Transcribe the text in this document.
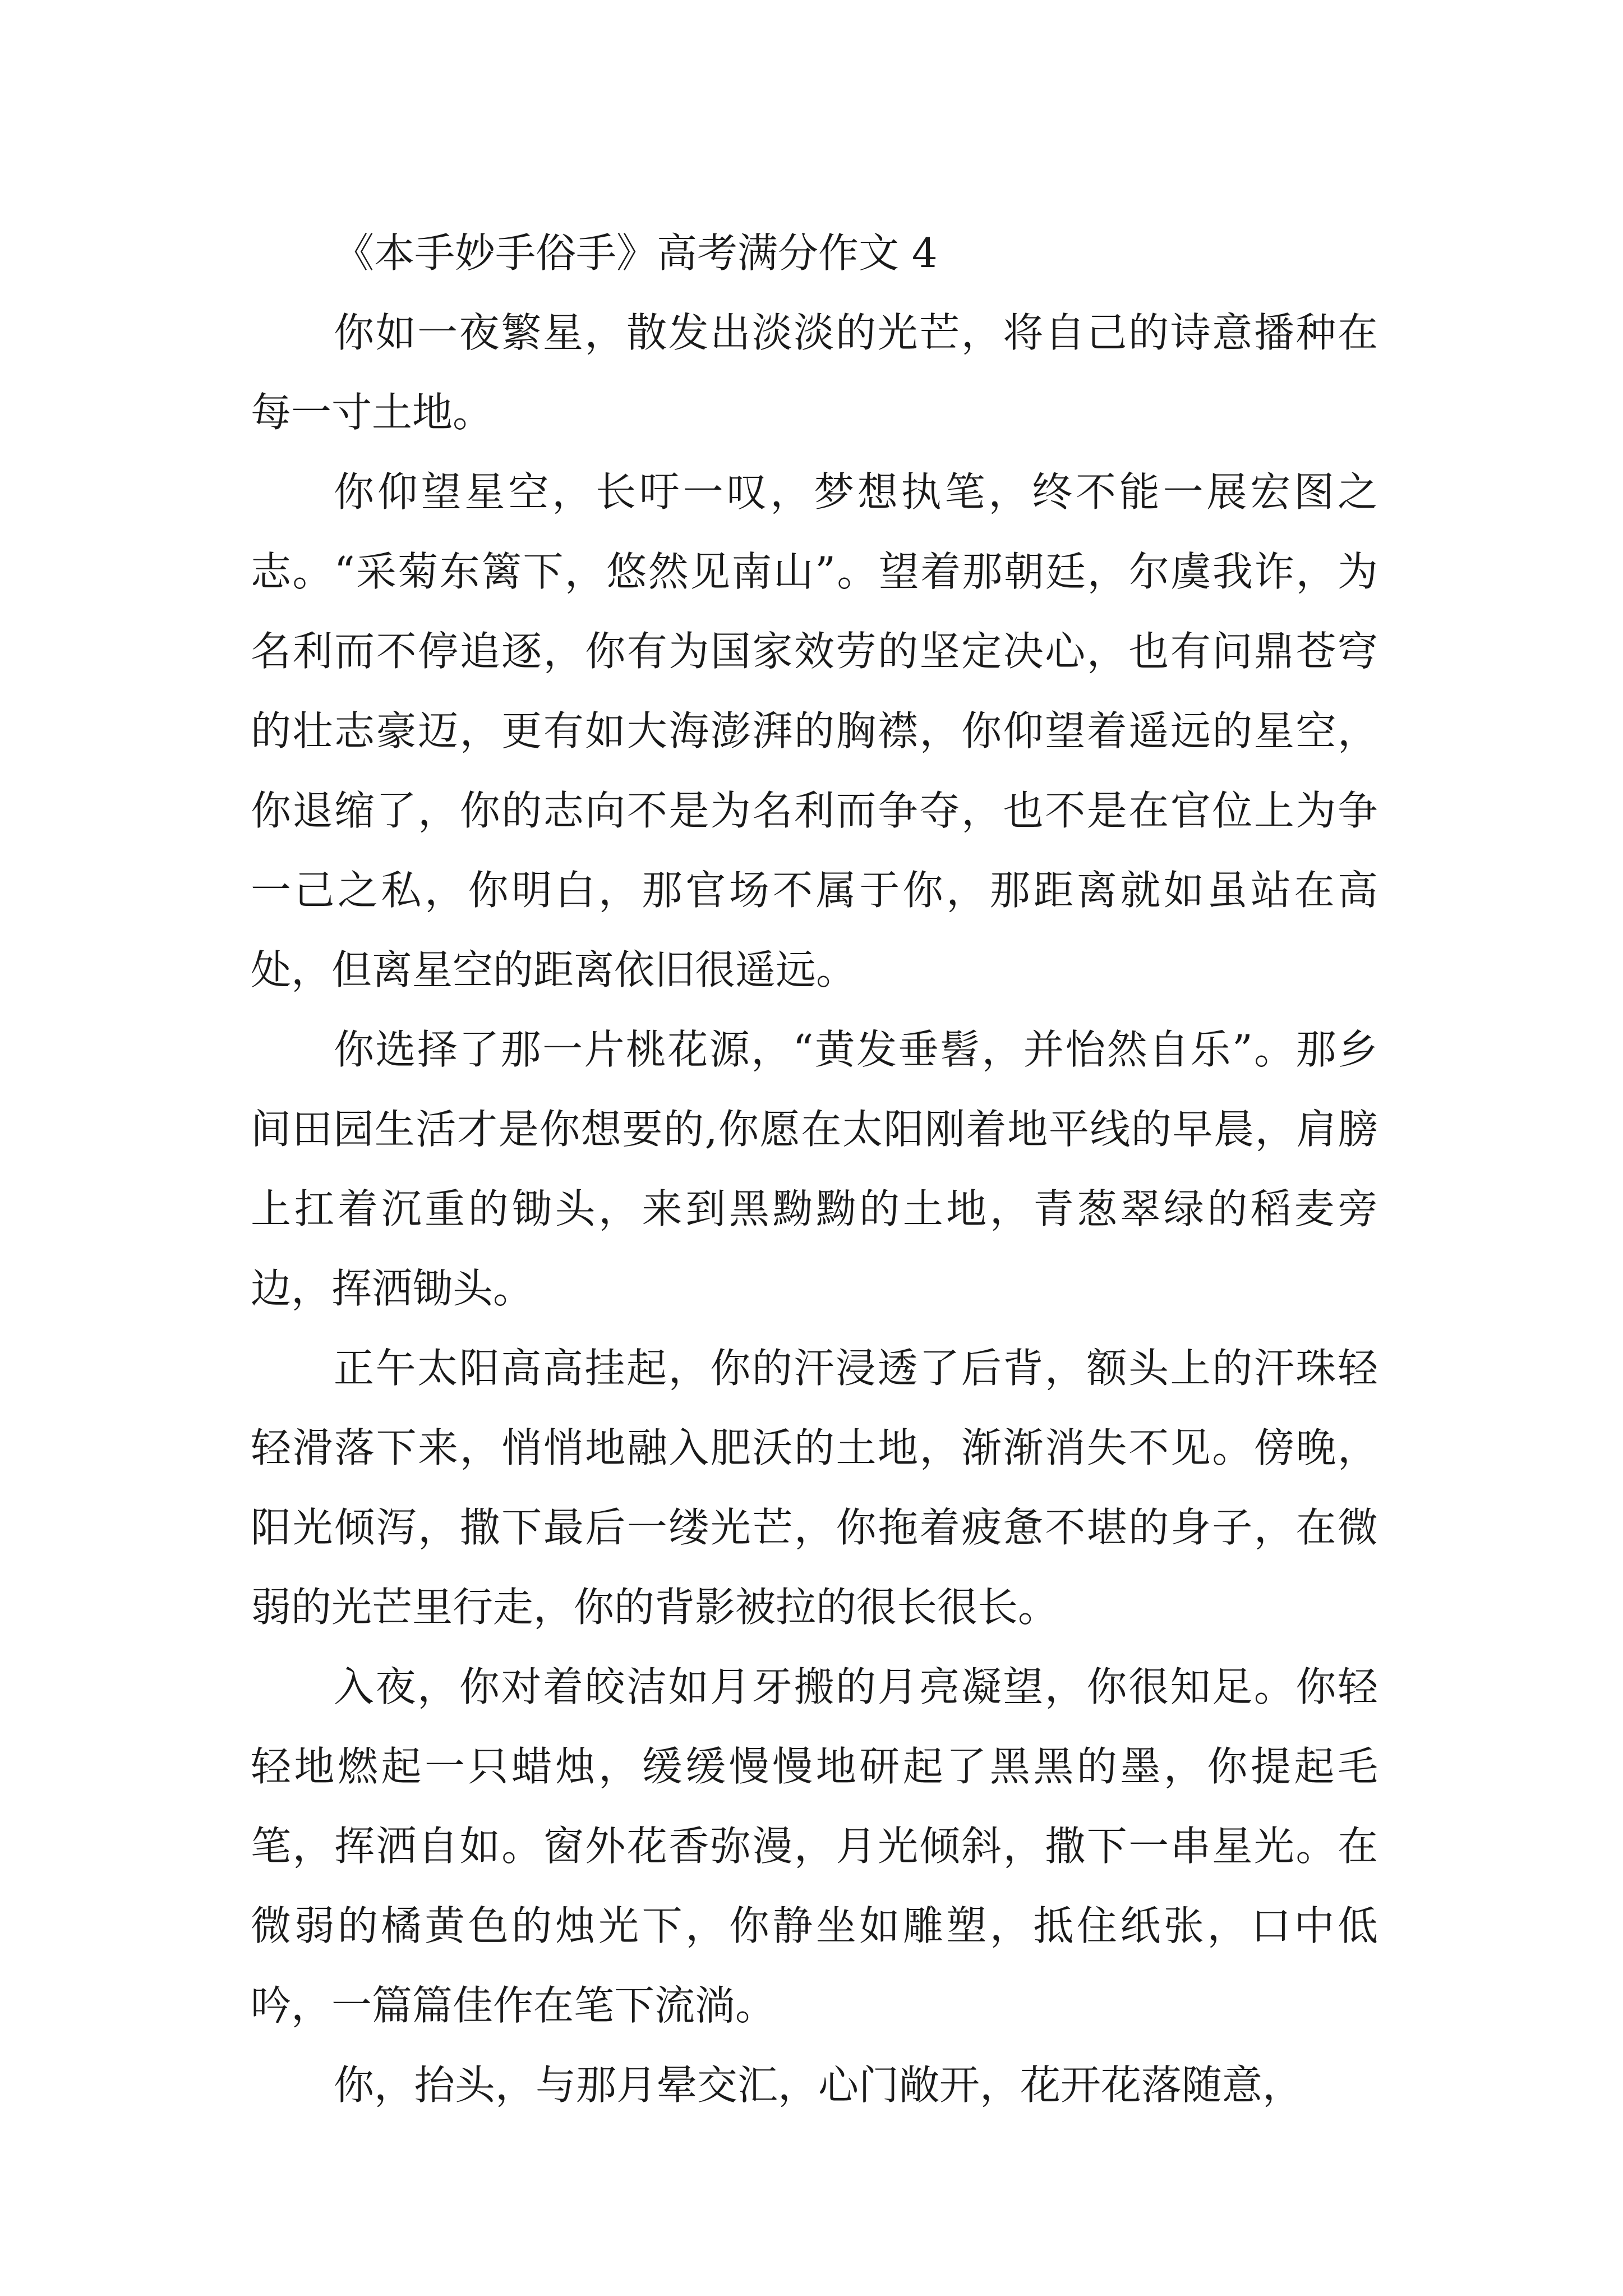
《本手妙手俗手》高考满分作文 4

你如一夜繁星，散发出淡淡的光芒，将自己的诗意播种在每一寸土地。

你仰望星空，长吁一叹，梦想执笔，终不能一展宏图之志。“采菊东篱下，悠然见南山”。望着那朝廷，尔虞我诈，为名利而不停追逐，你有为国家效劳的坚定决心，也有问鼎苍穹的壮志豪迈，更有如大海澎湃的胸襟，你仰望着遥远的星空，你退缩了，你的志向不是为名利而争夺，也不是在官位上为争一己之私，你明白，那官场不属于你，那距离就如虽站在高处，但离星空的距离依旧很遥远。

你选择了那一片桃花源，“黄发垂髫，并怡然自乐”。那乡间田园生活才是你想要的,你愿在太阳刚着地平线的早晨，肩膀上扛着沉重的锄头，来到黑黝黝的土地，青葱翠绿的稻麦旁边，挥洒锄头。

正午太阳高高挂起，你的汗浸透了后背，额头上的汗珠轻轻滑落下来，悄悄地融入肥沃的土地，渐渐消失不见。傍晚，阳光倾泻，撒下最后一缕光芒，你拖着疲惫不堪的身子，在微弱的光芒里行走，你的背影被拉的很长很长。

入夜，你对着皎洁如月牙搬的月亮凝望，你很知足。你轻轻地燃起一只蜡烛，缓缓慢慢地研起了黑黑的墨，你提起毛笔，挥洒自如。窗外花香弥漫，月光倾斜，撒下一串星光。在微弱的橘黄色的烛光下，你静坐如雕塑，抵住纸张，口中低吟，一篇篇佳作在笔下流淌。

你，抬头，与那月晕交汇，心门敞开，花开花落随意，
